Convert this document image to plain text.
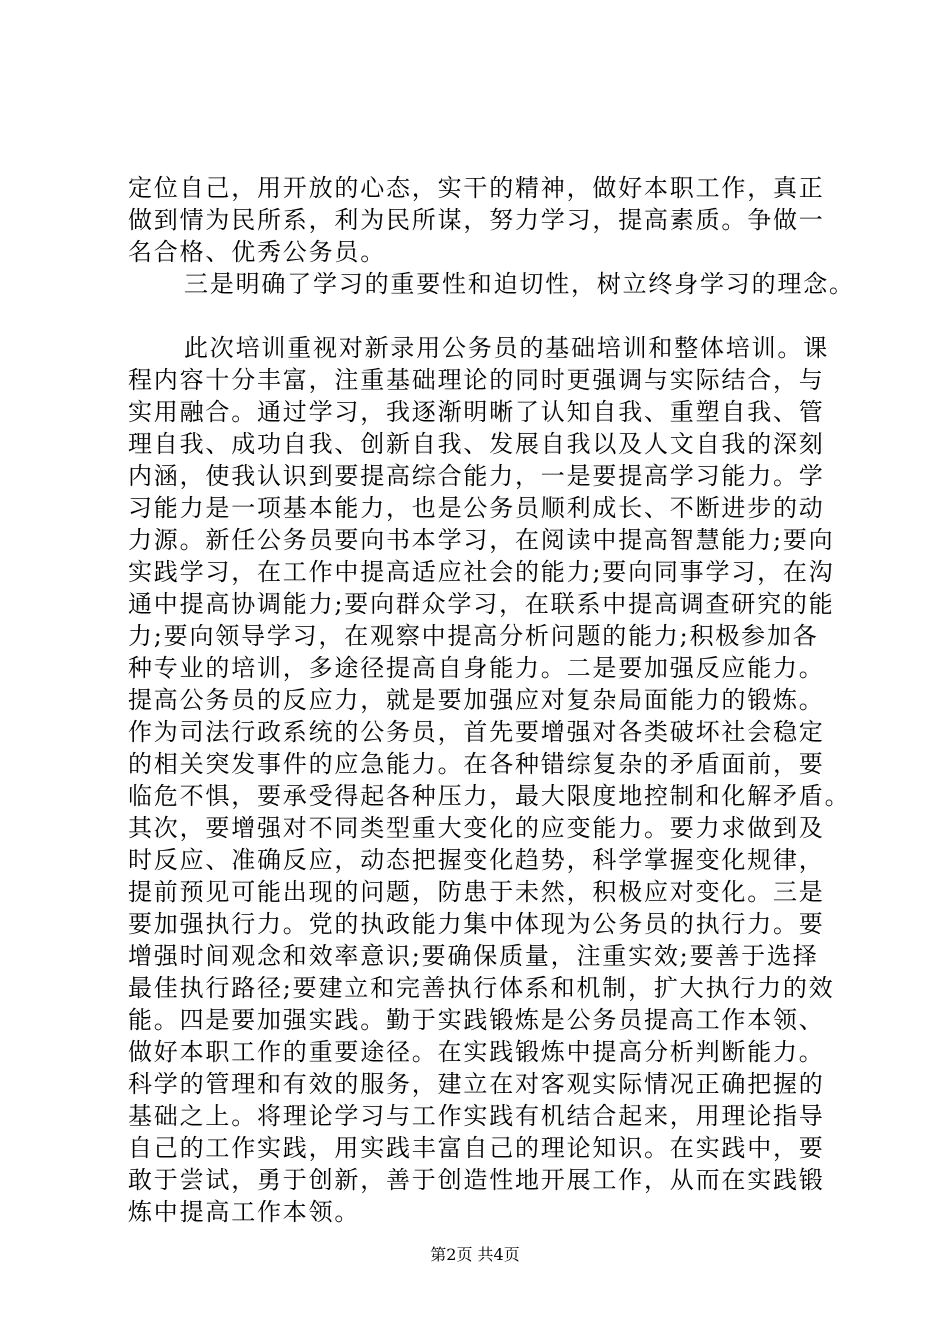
定位自己，用开放的心态，实干的精神，做好本职工作，真正
做到情为民所系，利为民所谋，努力学习，提高素质。争做一
名合格、优秀公务员。
三是明确了学习的重要性和迫切性，树立终身学习的理念。
此次培训重视对新录用公务员的基础培训和整体培训。课
程内容十分丰富，注重基础理论的同时更强调与实际结合，与
实用融合。通过学习，我逐渐明晰了认知自我、重塑自我、管
理自我、成功自我、创新自我、发展自我以及人文自我的深刻
内涵，使我认识到要提高综合能力，一是要提高学习能力。学
习能力是一项基本能力，也是公务员顺利成长、不断进步的动
力源。新任公务员要向书本学习，在阅读中提高智慧能力;要向
实践学习，在工作中提高适应社会的能力;要向同事学习，在沟
通中提高协调能力;要向群众学习，在联系中提高调查研究的能
力;要向领导学习，在观察中提高分析问题的能力;积极参加各
种专业的培训，多途径提高自身能力。二是要加强反应能力。
提高公务员的反应力，就是要加强应对复杂局面能力的锻炼。
作为司法行政系统的公务员，首先要增强对各类破坏社会稳定
的相关突发事件的应急能力。在各种错综复杂的矛盾面前，要
临危不惧，要承受得起各种压力，最大限度地控制和化解矛盾。
其次，要增强对不同类型重大变化的应变能力。要力求做到及
时反应、准确反应，动态把握变化趋势，科学掌握变化规律，
提前预见可能出现的问题，防患于未然，积极应对变化。三是
要加强执行力。党的执政能力集中体现为公务员的执行力。要
增强时间观念和效率意识;要确保质量，注重实效;要善于选择
最佳执行路径;要建立和完善执行体系和机制，扩大执行力的效
能。四是要加强实践。勤于实践锻炼是公务员提高工作本领、
做好本职工作的重要途径。在实践锻炼中提高分析判断能力。
科学的管理和有效的服务，建立在对客观实际情况正确把握的
基础之上。将理论学习与工作实践有机结合起来，用理论指导
自己的工作实践，用实践丰富自己的理论知识。在实践中，要
敢于尝试，勇于创新，善于创造性地开展工作，从而在实践锻
炼中提高工作本领。
第2页 共4页
